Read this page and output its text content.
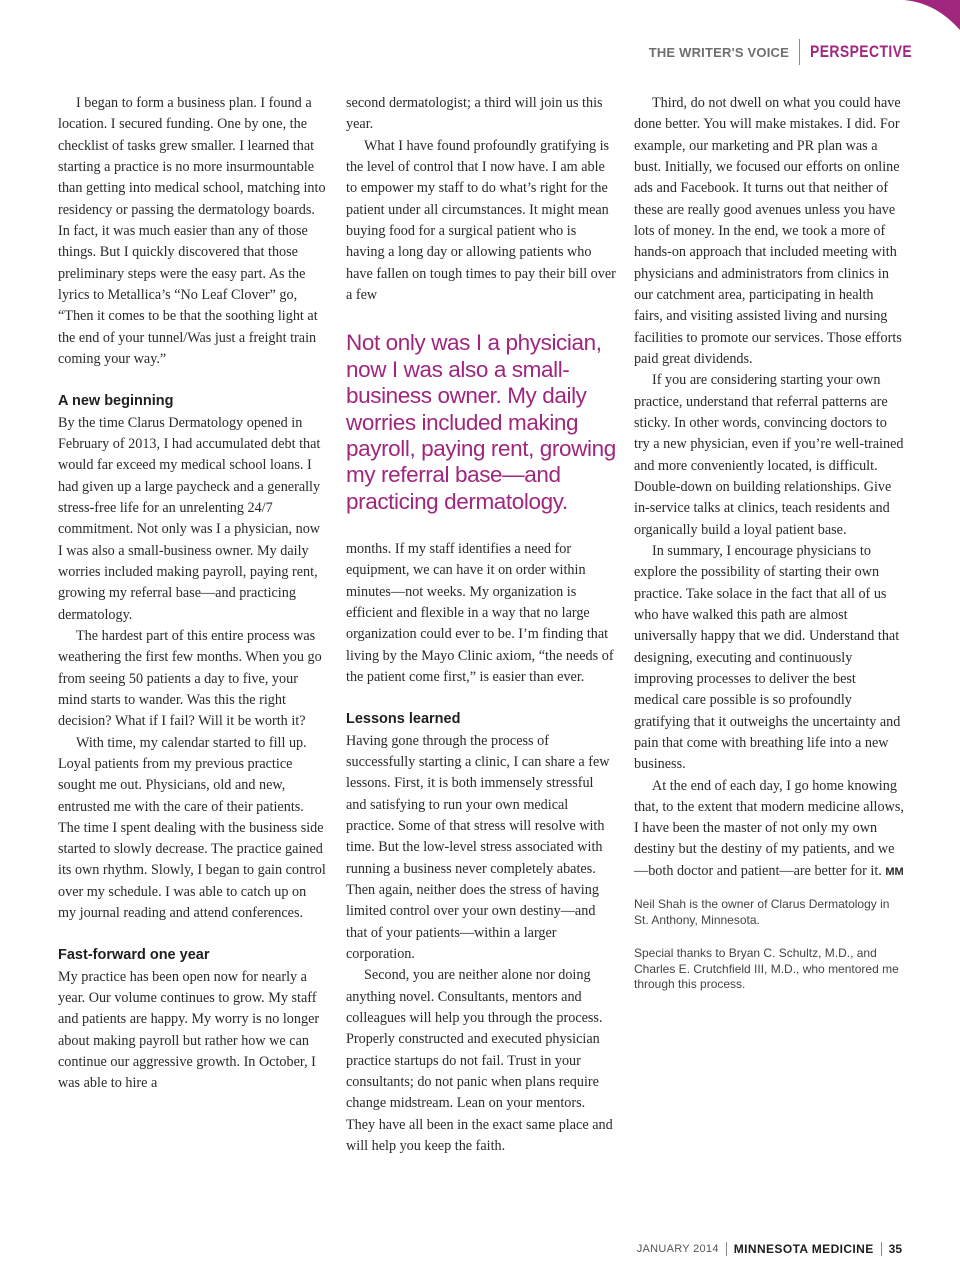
THE WRITER'S VOICE PERSPECTIVE

I began to form a business plan. I found a location. I secured funding. One by one, the checklist of tasks grew smaller. I learned that starting a practice is no more insurmountable than getting into medical school, matching into residency or passing the dermatology boards. In fact, it was much easier than any of those things. But I quickly discovered that those preliminary steps were the easy part. As the lyrics to Metallica’s “No Leaf Clover” go, “Then it comes to be that the soothing light at the end of your tunnel/Was just a freight train coming your way.”

A new beginning

By the time Clarus Dermatology opened in February of 2013, I had accumulated debt that would far exceed my medical school loans. I had given up a large paycheck and a generally stress-free life for an unrelenting 24/7 commitment. Not only was I a physician, now I was also a small-business owner. My daily worries included making payroll, paying rent, growing my referral base—and practicing dermatology.

The hardest part of this entire process was weathering the first few months. When you go from seeing 50 patients a day to five, your mind starts to wander. Was this the right decision? What if I fail? Will it be worth it?

With time, my calendar started to fill up. Loyal patients from my previous practice sought me out. Physicians, old and new, entrusted me with the care of their patients. The time I spent dealing with the business side started to slowly decrease. The practice gained its own rhythm. Slowly, I began to gain control over my schedule. I was able to catch up on my journal reading and attend conferences.

Fast-forward one year

My practice has been open now for nearly a year. Our volume continues to grow. My staff and patients are happy. My worry is no longer about making payroll but rather how we can continue our aggressive growth. In October, I was able to hire a

second dermatologist; a third will join us this year.

What I have found profoundly gratifying is the level of control that I now have. I am able to empower my staff to do what’s right for the patient under all circumstances. It might mean buying food for a surgical patient who is having a long day or allowing patients who have fallen on tough times to pay their bill over a few

Not only was I a physician, now I was also a small-business owner. My daily worries included making payroll, paying rent, growing my referral base—and practicing dermatology.

months. If my staff identifies a need for equipment, we can have it on order within minutes—not weeks. My organization is efficient and flexible in a way that no large organization could ever to be. I’m finding that living by the Mayo Clinic axiom, “the needs of the patient come first,” is easier than ever.

Lessons learned

Having gone through the process of successfully starting a clinic, I can share a few lessons. First, it is both immensely stressful and satisfying to run your own medical practice. Some of that stress will resolve with time. But the low-level stress associated with running a business never completely abates. Then again, neither does the stress of having limited control over your own destiny—and that of your patients—within a larger corporation.

Second, you are neither alone nor doing anything novel. Consultants, mentors and colleagues will help you through the process. Properly constructed and executed physician practice startups do not fail. Trust in your consultants; do not panic when plans require change midstream. Lean on your mentors. They have all been in the exact same place and will help you keep the faith.

Third, do not dwell on what you could have done better. You will make mistakes. I did. For example, our marketing and PR plan was a bust. Initially, we focused our efforts on online ads and Facebook. It turns out that neither of these are really good avenues unless you have lots of money. In the end, we took a more of hands-on approach that included meeting with physicians and administrators from clinics in our catchment area, participating in health fairs, and visiting assisted living and nursing facilities to promote our services. Those efforts paid great dividends.

If you are considering starting your own practice, understand that referral patterns are sticky. In other words, convincing doctors to try a new physician, even if you’re well-trained and more conveniently located, is difficult. Double-down on building relationships. Give in-service talks at clinics, teach residents and organically build a loyal patient base.

In summary, I encourage physicians to explore the possibility of starting their own practice. Take solace in the fact that all of us who have walked this path are almost universally happy that we did. Understand that designing, executing and continuously improving processes to deliver the best medical care possible is so profoundly gratifying that it outweighs the uncertainty and pain that come with breathing life into a new business.

At the end of each day, I go home knowing that, to the extent that modern medicine allows, I have been the master of not only my own destiny but the destiny of my patients, and we—both doctor and patient—are better for it. MM

Neil Shah is the owner of Clarus Dermatology in St. Anthony, Minnesota.
Special thanks to Bryan C. Schultz, M.D., and Charles E. Crutchfield III, M.D., who mentored me through this process.
JANUARY 2014 MINNESOTA MEDICINE 35
